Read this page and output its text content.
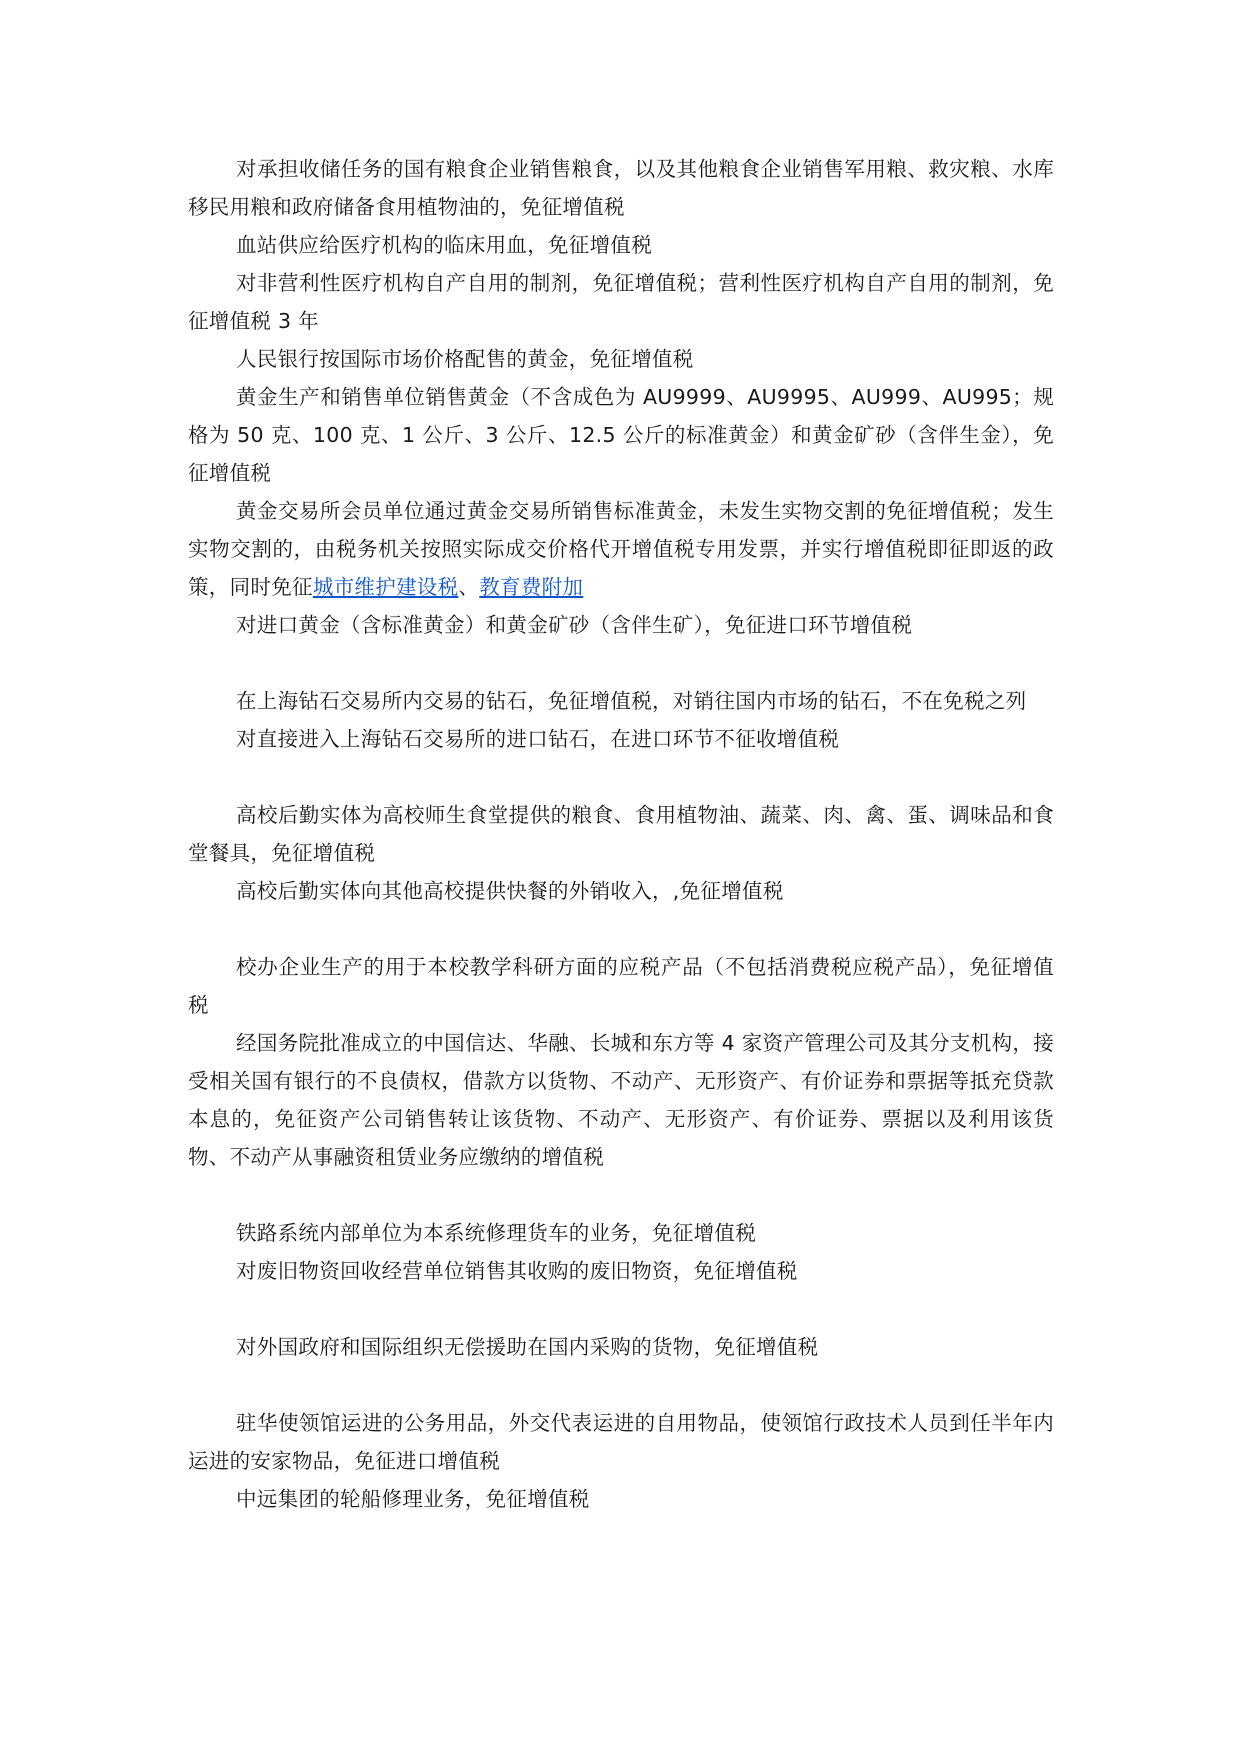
对承担收储任务的国有粮食企业销售粮食，以及其他粮食企业销售军用粮、救灾粮、水库移民用粮和政府储备食用植物油的，免征增值税

血站供应给医疗机构的临床用血，免征增值税

对非营利性医疗机构自产自用的制剂，免征增值税；营利性医疗机构自产自用的制剂，免征增值税 3 年

人民银行按国际市场价格配售的黄金，免征增值税

黄金生产和销售单位销售黄金（不含成色为 AU9999、AU9995、AU999、AU995；规格为 50 克、100 克、1 公斤、3 公斤、12.5 公斤的标准黄金）和黄金矿砂（含伴生金），免征增值税

黄金交易所会员单位通过黄金交易所销售标准黄金，未发生实物交割的免征增值税；发生实物交割的，由税务机关按照实际成交价格代开增值税专用发票，并实行增值税即征即返的政策，同时免征城市维护建设税、教育费附加

对进口黄金（含标准黄金）和黄金矿砂（含伴生矿），免征进口环节增值税

在上海钻石交易所内交易的钻石，免征增值税，对销往国内市场的钻石，不在免税之列

对直接进入上海钻石交易所的进口钻石，在进口环节不征收增值税

高校后勤实体为高校师生食堂提供的粮食、食用植物油、蔬菜、肉、禽、蛋、调味品和食堂餐具，免征增值税

高校后勤实体向其他高校提供快餐的外销收入，,免征增值税

校办企业生产的用于本校教学科研方面的应税产品（不包括消费税应税产品），免征增值税

经国务院批准成立的中国信达、华融、长城和东方等 4 家资产管理公司及其分支机构，接受相关国有银行的不良债权，借款方以货物、不动产、无形资产、有价证券和票据等抵充贷款本息的，免征资产公司销售转让该货物、不动产、无形资产、有价证券、票据以及利用该货物、不动产从事融资租赁业务应缴纳的增值税

铁路系统内部单位为本系统修理货车的业务，免征增值税

对废旧物资回收经营单位销售其收购的废旧物资，免征增值税

对外国政府和国际组织无偿援助在国内采购的货物，免征增值税

驻华使领馆运进的公务用品，外交代表运进的自用物品，使领馆行政技术人员到任半年内运进的安家物品，免征进口增值税

中远集团的轮船修理业务，免征增值税
